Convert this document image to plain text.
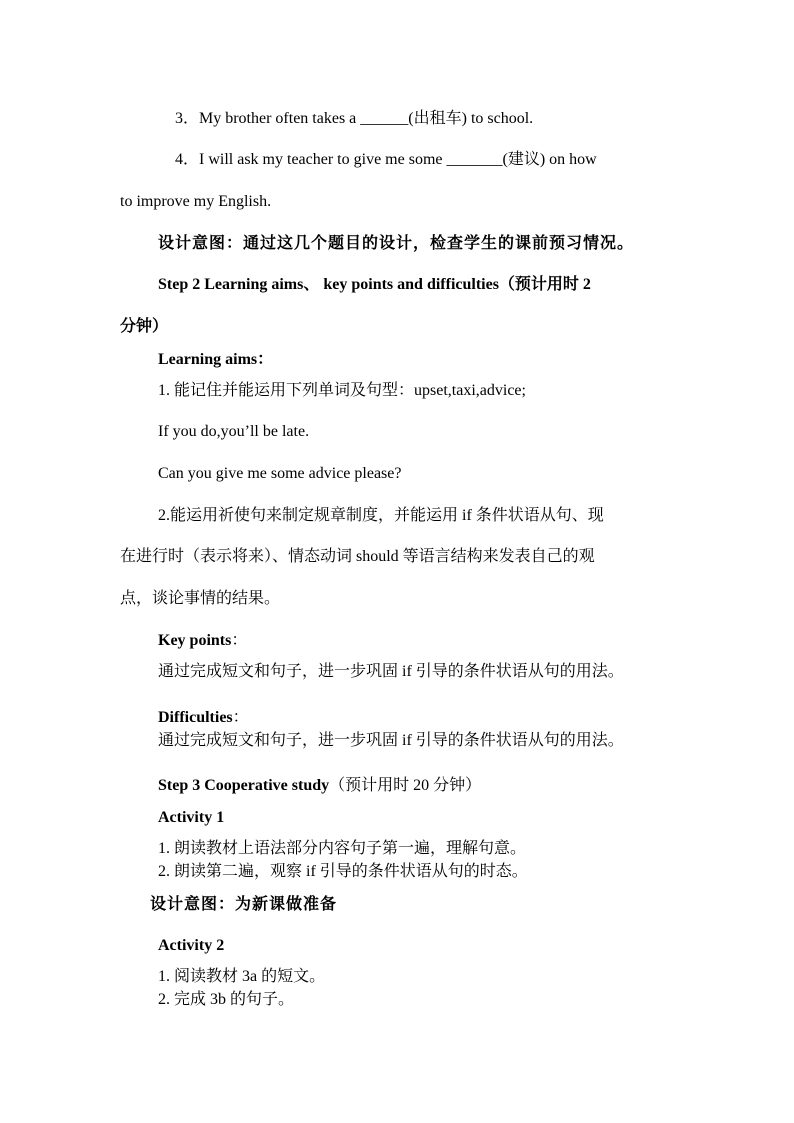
3．My brother often takes a ______(出租车) to school.
4．I will ask my teacher to give me some _______(建议) on how
to improve my English.
设计意图：通过这几个题目的设计，检查学生的课前预习情况。
Step 2 Learning aims、 key points and difficulties（预计用时 2
分钟）
Learning aims：
1. 能记住并能运用下列单词及句型：upset,taxi,advice;
If you do,you’ll be late.
Can you give me some advice please?
2.能运用祈使句来制定规章制度，并能运用 if 条件状语从句、现
在进行时（表示将来）、情态动词 should 等语言结构来发表自己的观
点，谈论事情的结果。
Key points：
通过完成短文和句子，进一步巩固 if 引导的条件状语从句的用法。
Difficulties：
通过完成短文和句子，进一步巩固 if 引导的条件状语从句的用法。
Step 3 Cooperative study（预计用时 20 分钟）
Activity 1
1. 朗读教材上语法部分内容句子第一遍，理解句意。
2. 朗读第二遍，观察 if 引导的条件状语从句的时态。
设计意图：为新课做准备
Activity 2
1. 阅读教材 3a 的短文。
2. 完成 3b 的句子。
